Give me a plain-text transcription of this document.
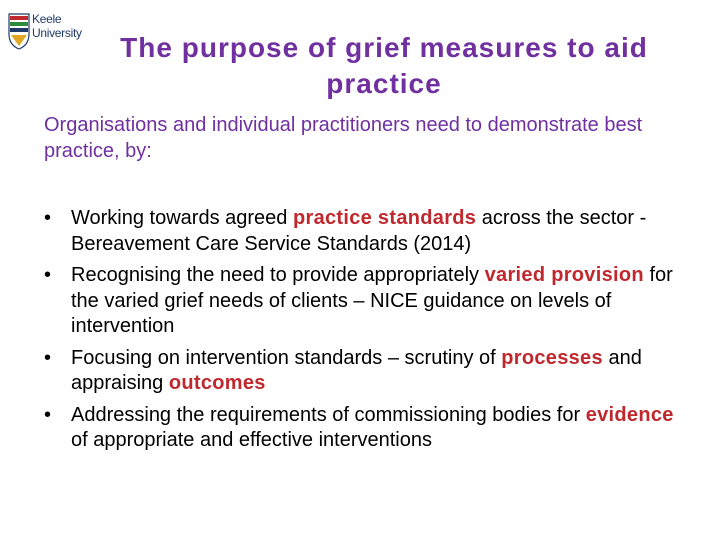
Keele
University	The purpose of grief measures to aid practice
Organisations and individual practitioners need to demonstrate best practice, by:
• Working towards agreed practice standards across the sector - Bereavement Care Service Standards (2014)
• Recognising the need to provide appropriately varied provision for the varied grief needs of clients – NICE guidance on levels of intervention
• Focusing on intervention standards – scrutiny of processes and appraising outcomes
• Addressing the requirements of commissioning bodies for evidence of appropriate and effective interventions
